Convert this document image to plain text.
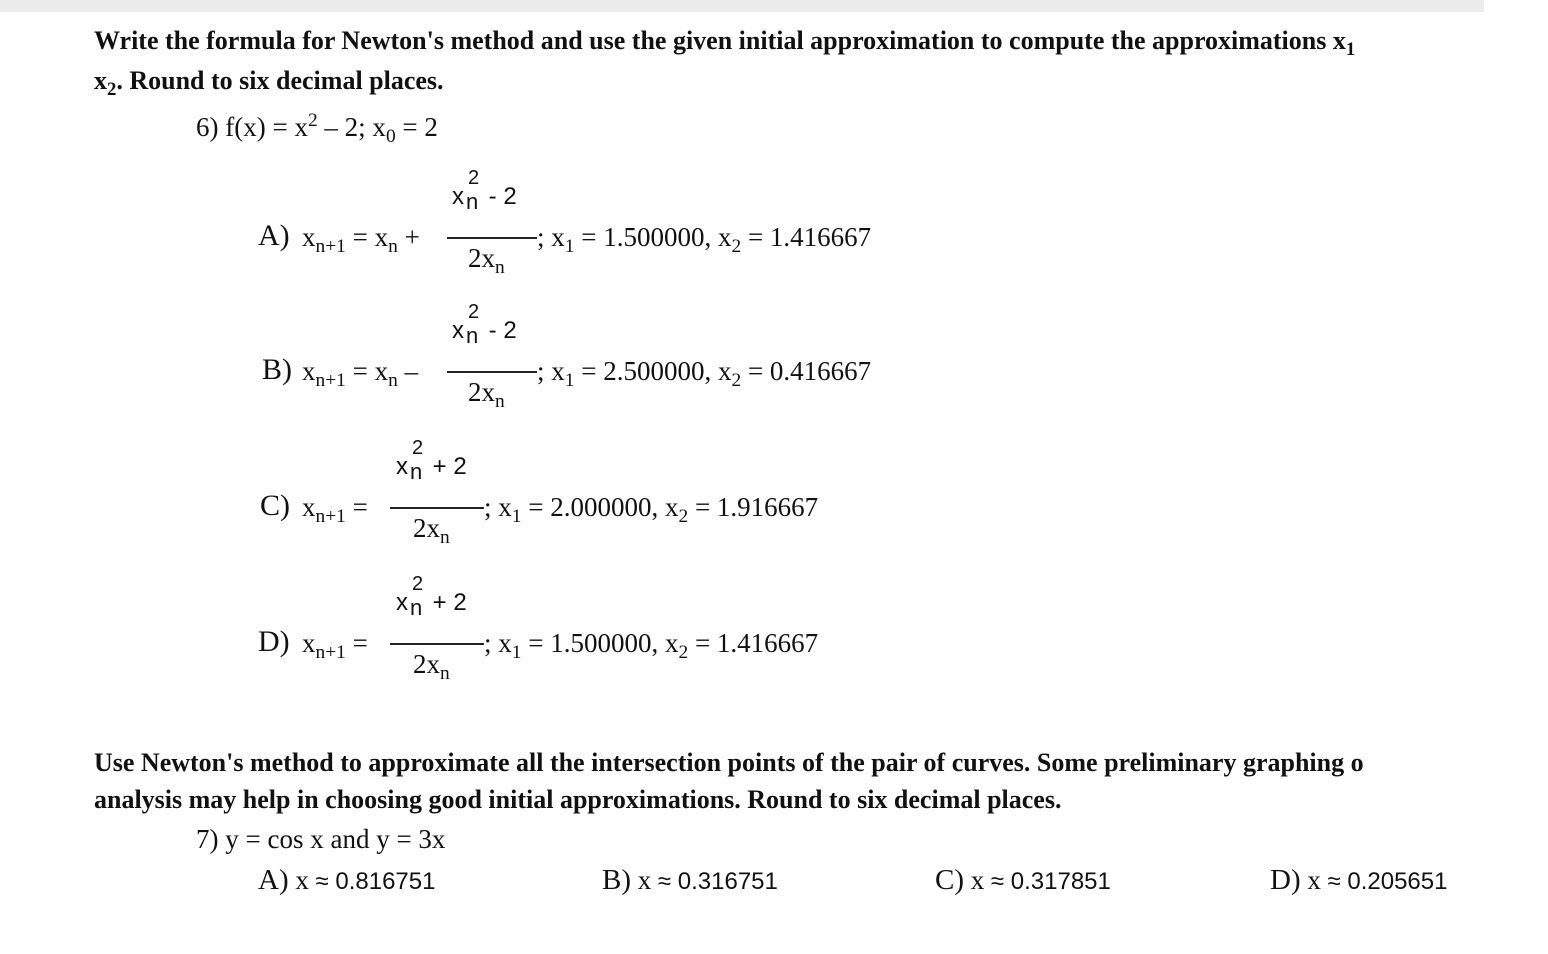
Write the formula for Newton's method and use the given initial approximation to compute the approximations $x_1$
$x_2$. Round to six decimal places.
6) $f(x) = x^2 - 2$; $x_0 = 2$
A) $x_{n+1} = x_n$ +
x
2
n - 2
$2x_n$
; $x_1 = 1.500000$, $x_2 = 1.416667$
B) $x_{n+1} = x_n$ –
x
2
n - 2
$2x_n$
; $x_1 = 2.500000$, $x_2 = 0.416667$
C) $x_{n+1}$ =
x
2
n + 2
$2x_n$
; $x_1 = 2.000000$, $x_2 = 1.916667$
D) $x_{n+1}$ =
x
2
n + 2
$2x_n$
; $x_1 = 1.500000$, $x_2 = 1.416667$
Use Newton's method to approximate all the intersection points of the pair of curves. Some preliminary graphing o
analysis may help in choosing good initial approximations. Round to six decimal places.
7) y = cos x and y = 3x
A) x ≈ 0.816751	B) x ≈ 0.316751	C) x ≈ 0.317851	D) x ≈ 0.205651
